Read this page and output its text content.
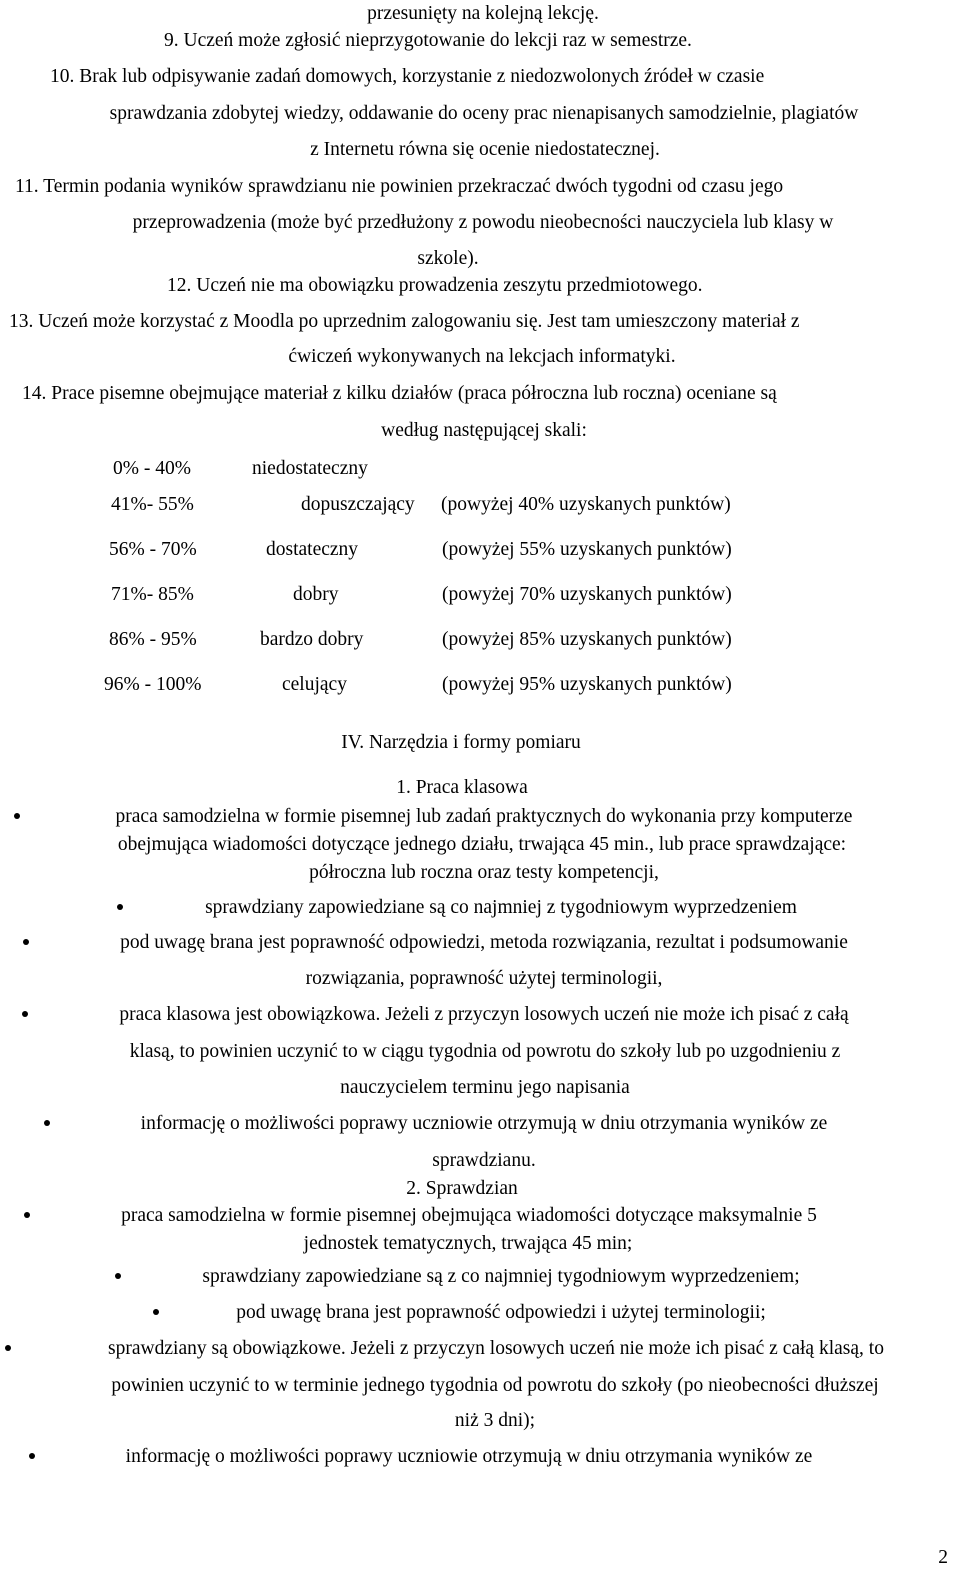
przesunięty na kolejną lekcję.
9. Uczeń może zgłosić nieprzygotowanie do lekcji raz w semestrze.
10. Brak lub odpisywanie zadań domowych, korzystanie z niedozwolonych źródeł w czasie
sprawdzania zdobytej wiedzy, oddawanie do oceny prac nienapisanych samodzielnie, plagiatów
z Internetu równa się ocenie niedostatecznej.
11. Termin podania wyników sprawdzianu nie powinien przekraczać dwóch tygodni od czasu jego
przeprowadzenia (może być przedłużony z powodu nieobecności nauczyciela lub klasy w
szkole).
12. Uczeń nie ma obowiązku prowadzenia zeszytu przedmiotowego.
13. Uczeń może korzystać z Moodla po uprzednim zalogowaniu się. Jest tam umieszczony materiał z
ćwiczeń wykonywanych na lekcjach informatyki.
14. Prace pisemne obejmujące materiał z kilku działów (praca półroczna lub roczna) oceniane są
według następującej skali:
0% - 40%	niedostateczny
41%- 55%	dopuszczający (powyżej 40% uzyskanych punktów)
56% - 70%	dostateczny	(powyżej 55% uzyskanych punktów)
71%- 85%	dobry	(powyżej 70% uzyskanych punktów)
86% - 95%	bardzo dobry	(powyżej 85% uzyskanych punktów)
96% - 100%	celujący	(powyżej 95% uzyskanych punktów)
IV. Narzędzia i formy pomiaru
1. Praca klasowa
praca samodzielna w formie pisemnej lub zadań praktycznych do wykonania przy komputerze
obejmująca wiadomości dotyczące jednego działu, trwająca 45 min., lub prace sprawdzające:
półroczna lub roczna oraz testy kompetencji,
sprawdziany zapowiedziane są co najmniej z tygodniowym wyprzedzeniem
pod uwagę brana jest poprawność odpowiedzi, metoda rozwiązania, rezultat i podsumowanie
rozwiązania, poprawność użytej terminologii,
praca klasowa jest obowiązkowa. Jeżeli z przyczyn losowych uczeń nie może ich pisać z całą
klasą, to powinien uczynić to w ciągu tygodnia od powrotu do szkoły lub po uzgodnieniu z
nauczycielem terminu jego napisania
informację o możliwości poprawy uczniowie otrzymują w dniu otrzymania wyników ze
sprawdzianu.
2. Sprawdzian
praca samodzielna w formie pisemnej obejmująca wiadomości dotyczące maksymalnie 5
jednostek tematycznych, trwająca 45 min;
sprawdziany zapowiedziane są z co najmniej tygodniowym wyprzedzeniem;
pod uwagę brana jest poprawność odpowiedzi i użytej terminologii;
sprawdziany są obowiązkowe. Jeżeli z przyczyn losowych uczeń nie może ich pisać z całą klasą, to
powinien uczynić to w terminie jednego tygodnia od powrotu do szkoły (po nieobecności dłuższej
niż 3 dni);
informację o możliwości poprawy uczniowie otrzymują w dniu otrzymania wyników ze
2
